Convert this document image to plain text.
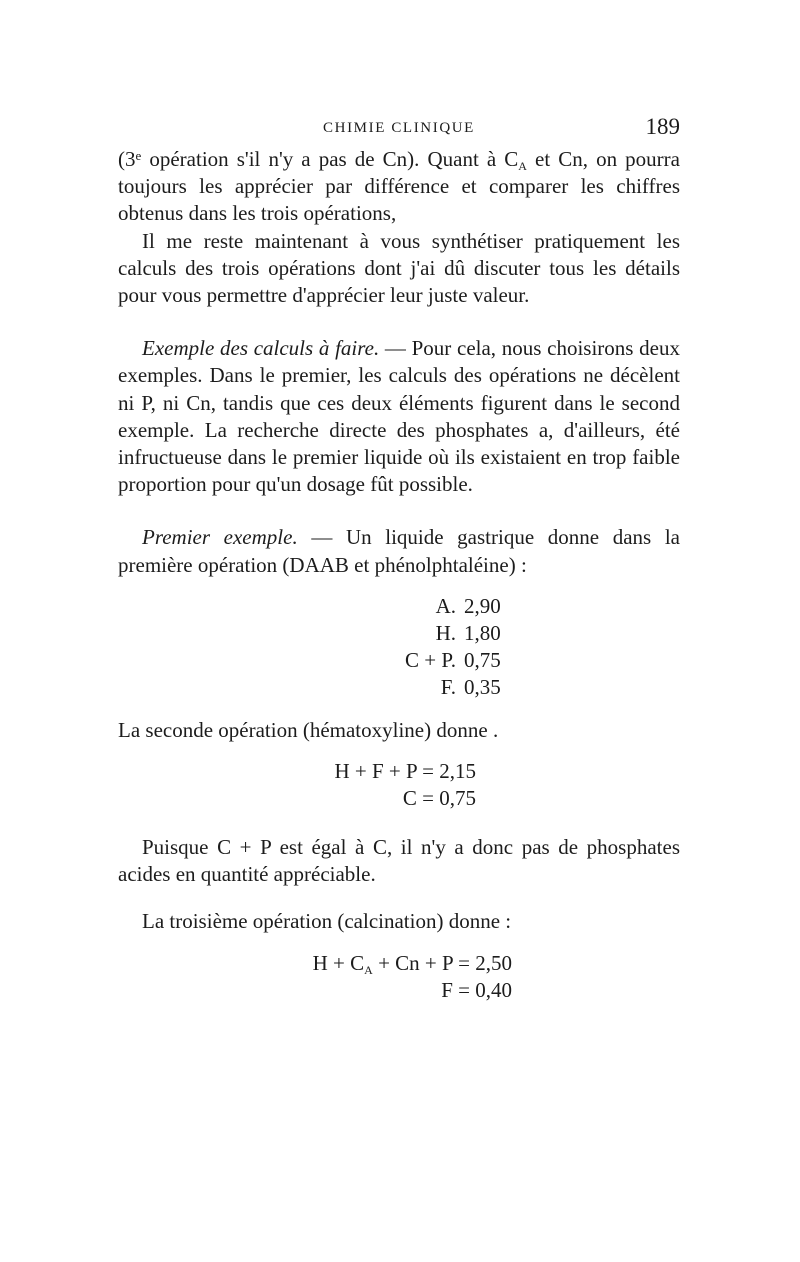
CHIMIE CLINIQUE	189

(3e opération s'il n'y a pas de Cn). Quant à $C_A$ et Cn, on pourra toujours les apprécier par différence et comparer les chiffres obtenus dans les trois opérations,

Il me reste maintenant à vous synthétiser pratiquement les calculs des trois opérations dont j'ai dû discuter tous les détails pour vous permettre d'apprécier leur juste valeur.

Exemple des calculs à faire. — Pour cela, nous choisirons deux exemples. Dans le premier, les calculs des opérations ne décèlent ni P, ni Cn, tandis que ces deux éléments figurent dans le second exemple. La recherche directe des phosphates a, d'ailleurs, été infructueuse dans le premier liquide où ils existaient en trop faible proportion pour qu'un dosage fût possible.

Premier exemple. — Un liquide gastrique donne dans la première opération (DAAB et phénolphtaléine) :

A. 2,90
H. 1,80
C + P. 0,75
F. 0,35

La seconde opération (hématoxyline) donne .

H + F + P = 2,15
C = 0,75

Puisque C + P est égal à C, il n'y a donc pas de phosphates acides en quantité appréciable.

La troisième opération (calcination) donne :

$H + C_A + Cn + P = 2,50$
F = 0,40
